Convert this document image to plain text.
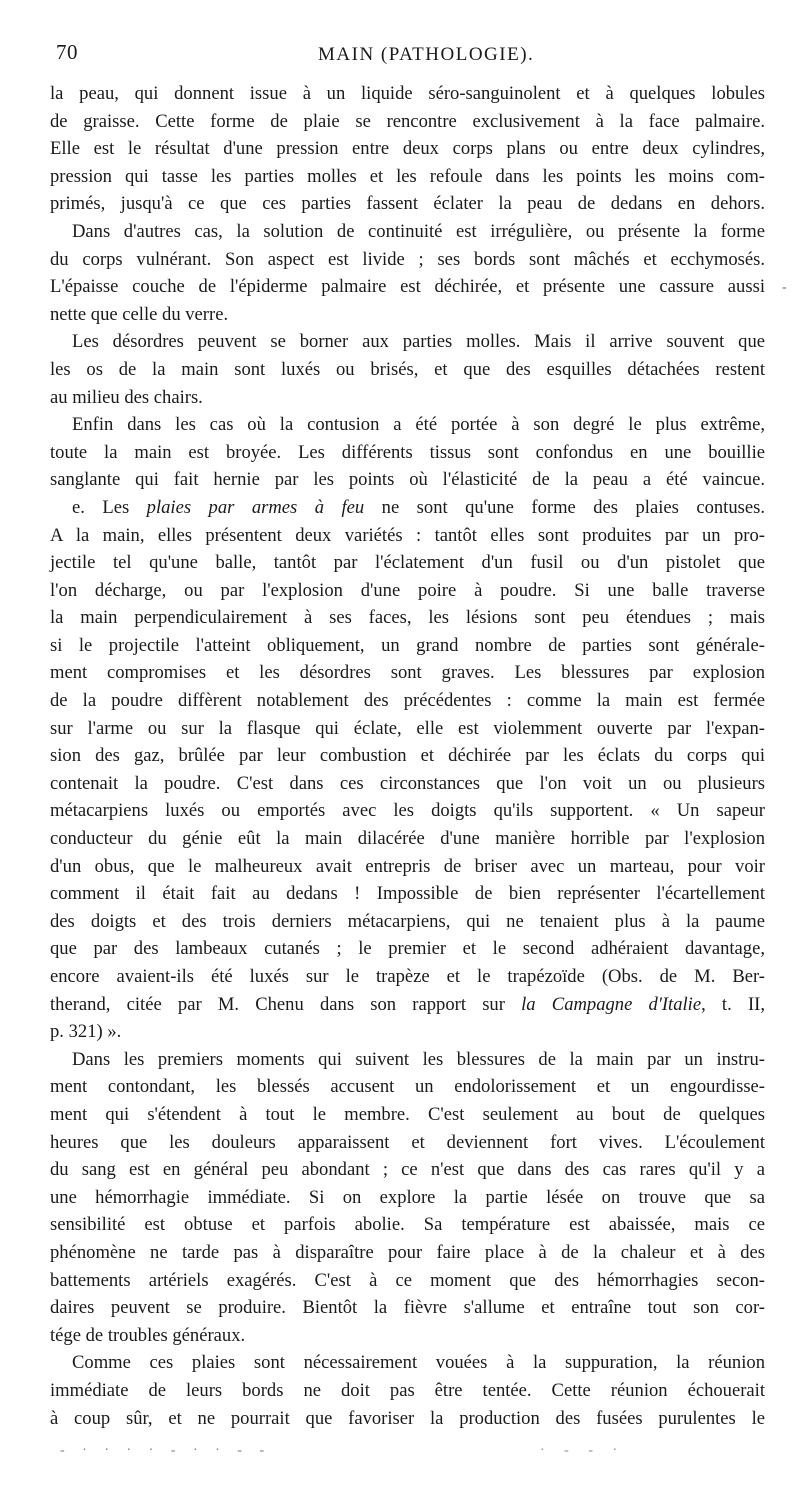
70	MAIN (PATHOLOGIE).
la peau, qui donnent issue à un liquide séro-sanguinolent et à quelques lobules
de graisse. Cette forme de plaie se rencontre exclusivement à la face palmaire.
Elle est le résultat d'une pression entre deux corps plans ou entre deux cylindres,
pression qui tasse les parties molles et les refoule dans les points les moins com-
primés, jusqu'à ce que ces parties fassent éclater la peau de dedans en dehors.
Dans d'autres cas, la solution de continuité est irrégulière, ou présente la forme
du corps vulnérant. Son aspect est livide ; ses bords sont mâchés et ecchymosés.
L'épaisse couche de l'épiderme palmaire est déchirée, et présente une cassure aussi
nette que celle du verre.
Les désordres peuvent se borner aux parties molles. Mais il arrive souvent que
les os de la main sont luxés ou brisés, et que des esquilles détachées restent
au milieu des chairs.
Enfin dans les cas où la contusion a été portée à son degré le plus extrême,
toute la main est broyée. Les différents tissus sont confondus en une bouillie
sanglante qui fait hernie par les points où l'élasticité de la peau a été vaincue.
e. Les plaies par armes à feu ne sont qu'une forme des plaies contuses.
A la main, elles présentent deux variétés : tantôt elles sont produites par un pro-
jectile tel qu'une balle, tantôt par l'éclatement d'un fusil ou d'un pistolet que
l'on décharge, ou par l'explosion d'une poire à poudre. Si une balle traverse
la main perpendiculairement à ses faces, les lésions sont peu étendues ; mais
si le projectile l'atteint obliquement, un grand nombre de parties sont générale-
ment compromises et les désordres sont graves. Les blessures par explosion
de la poudre diffèrent notablement des précédentes : comme la main est fermée
sur l'arme ou sur la flasque qui éclate, elle est violemment ouverte par l'expan-
sion des gaz, brûlée par leur combustion et déchirée par les éclats du corps qui
contenait la poudre. C'est dans ces circonstances que l'on voit un ou plusieurs
métacarpiens luxés ou emportés avec les doigts qu'ils supportent. « Un sapeur
conducteur du génie eût la main dilacérée d'une manière horrible par l'explosion
d'un obus, que le malheureux avait entrepris de briser avec un marteau, pour voir
comment il était fait au dedans ! Impossible de bien représenter l'écartellement
des doigts et des trois derniers métacarpiens, qui ne tenaient plus à la paume
que par des lambeaux cutanés ; le premier et le second adhéraient davantage,
encore avaient-ils été luxés sur le trapèze et le trapézoïde (Obs. de M. Ber-
therand, citée par M. Chenu dans son rapport sur la Campagne d'Italie, t. II,
p. 321) ».
Dans les premiers moments qui suivent les blessures de la main par un instru-
ment contondant, les blessés accusent un endolorissement et un engourdisse-
ment qui s'étendent à tout le membre. C'est seulement au bout de quelques
heures que les douleurs apparaissent et deviennent fort vives. L'écoulement
du sang est en général peu abondant ; ce n'est que dans des cas rares qu'il y a
une hémorrhagie immédiate. Si on explore la partie lésée on trouve que sa
sensibilité est obtuse et parfois abolie. Sa température est abaissée, mais ce
phénomène ne tarde pas à disparaître pour faire place à de la chaleur et à des
battements artériels exagérés. C'est à ce moment que des hémorrhagies secon-
daires peuvent se produire. Bientôt la fièvre s'allume et entraîne tout son cor-
tége de troubles généraux.
Comme ces plaies sont nécessairement vouées à la suppuration, la réunion
immédiate de leurs bords ne doit pas être tentée. Cette réunion échouerait
à coup sûr, et ne pourrait que favoriser la production des fusées purulentes le
-
- · · · · - · · - -	· - - ·
